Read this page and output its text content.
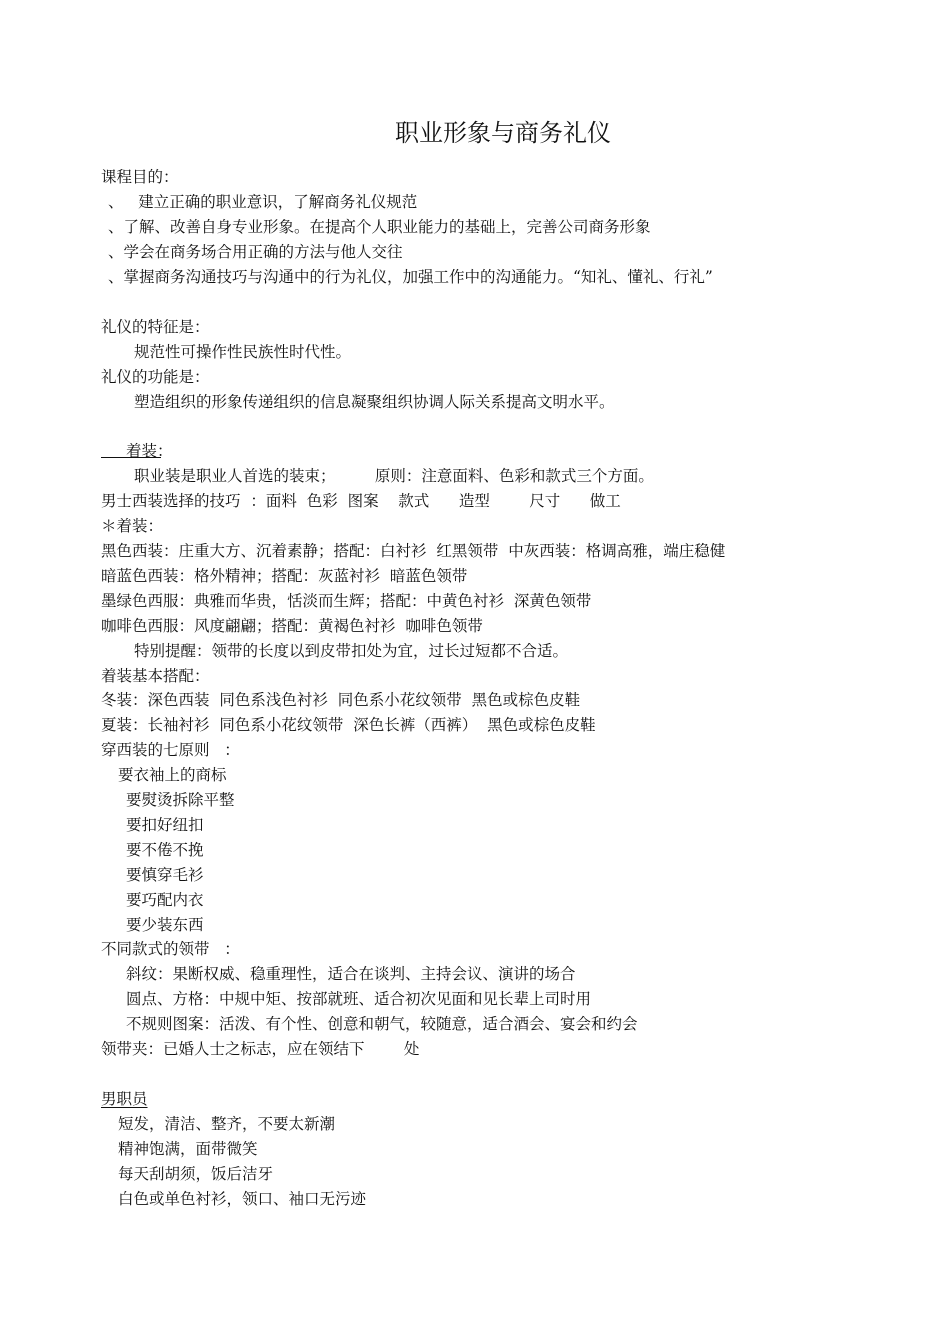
职业形象与商务礼仪
课程目的：
、   建立正确的职业意识，了解商务礼仪规范
、了解、改善自身专业形象。在提高个人职业能力的基础上，完善公司商务形象
、学会在商务场合用正确的方法与他人交往
、掌握商务沟通技巧与沟通中的行为礼仪，加强工作中的沟通能力。“知礼、懂礼、行礼”
礼仪的特征是：
规范性可操作性民族性时代性。
礼仪的功能是：
塑造组织的形象传递组织的信息凝聚组织协调人际关系提高文明水平。
着装：
职业装是职业人首选的装束；        原则：注意面料、色彩和款式三个方面。
男士西装选择的技巧  ：面料  色彩  图案    款式      造型        尺寸      做工
＊着装：
黑色西装：庄重大方、沉着素静；搭配：白衬衫  红黑领带  中灰西装：格调高雅，端庄稳健
暗蓝色西装：格外精神；搭配：灰蓝衬衫  暗蓝色领带
墨绿色西服：典雅而华贵，恬淡而生辉；搭配：中黄色衬衫  深黄色领带
咖啡色西服：风度翩翩；搭配：黄褐色衬衫  咖啡色领带
特别提醒：领带的长度以到皮带扣处为宜，过长过短都不合适。
着装基本搭配：
冬装：深色西装  同色系浅色衬衫  同色系小花纹领带  黑色或棕色皮鞋
夏装：长袖衬衫  同色系小花纹领带  深色长裤（西裤）  黑色或棕色皮鞋
穿西装的七原则   ：
要衣袖上的商标
要熨烫拆除平整
要扣好纽扣
要不倦不挽
要慎穿毛衫
要巧配内衣
要少装东西
不同款式的领带   ：
斜纹：果断权威、稳重理性，适合在谈判、主持会议、演讲的场合
圆点、方格：中规中矩、按部就班、适合初次见面和见长辈上司时用
不规则图案：活泼、有个性、创意和朝气，较随意，适合酒会、宴会和约会
领带夹：已婚人士之标志，应在领结下        处
男职员
短发，清洁、整齐，不要太新潮
精神饱满，面带微笑
每天刮胡须，饭后洁牙
白色或单色衬衫，领口、袖口无污迹
